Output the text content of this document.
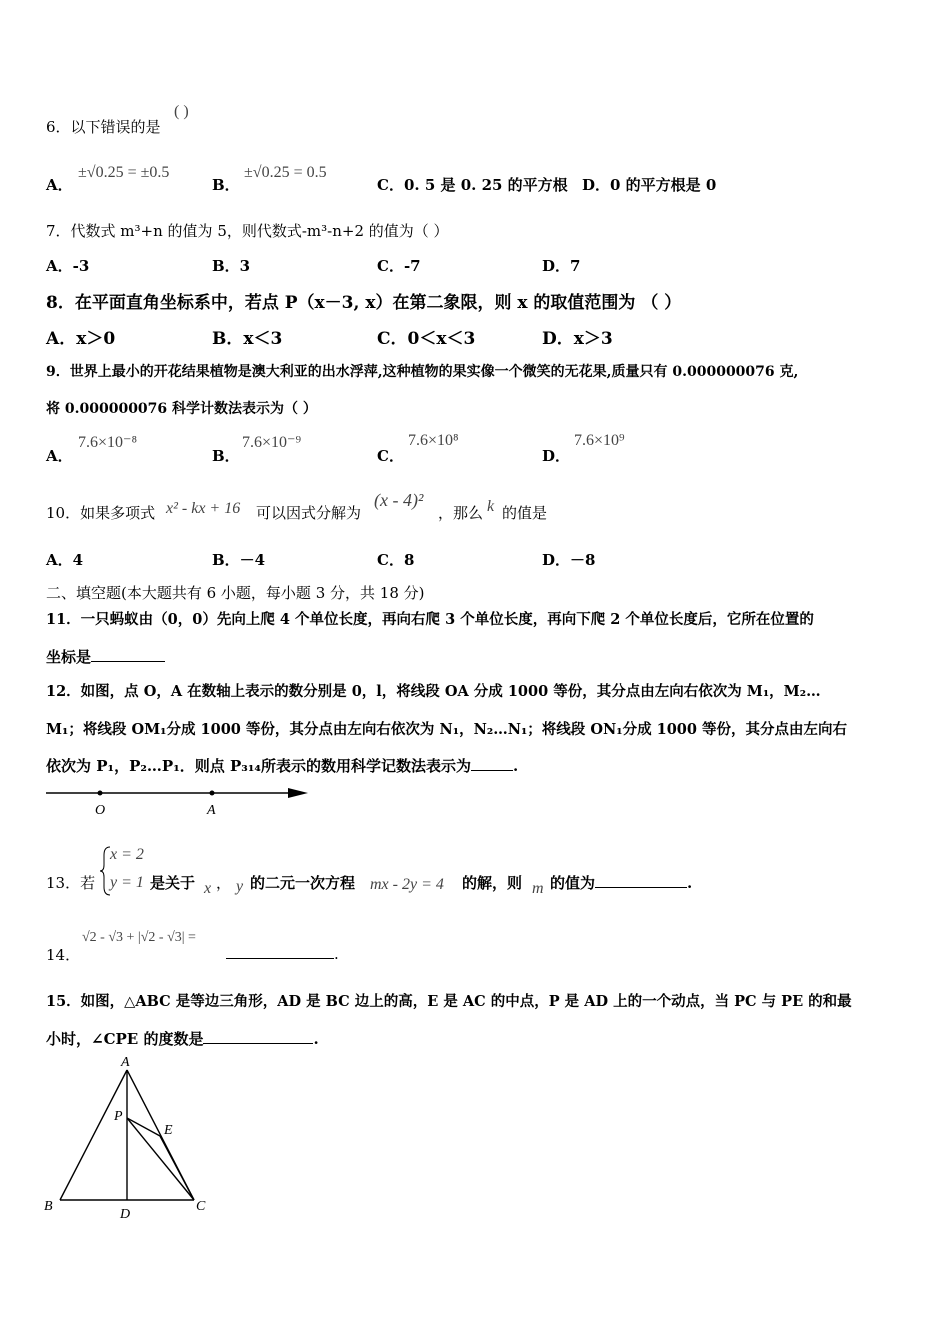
6．以下错误的是
( )
A．
±√0.25 = ±0.5
B．
±√0.25 = 0.5
C．0. 5 是 0. 25 的平方根 D．0 的平方根是 0
7．代数式 m³+n 的值为 5，则代数式-m³-n+2 的值为（ ）
A．-3	B．3	C．-7	D．7
8．在平面直角坐标系中，若点 P（x－3, x）在第二象限，则 x 的取值范围为 （ ）
A．x＞0	B．x＜3	C．0＜x＜3	D．x＞3
9．世界上最小的开花结果植物是澳大利亚的出水浮萍,这种植物的果实像一个微笑的无花果,质量只有 0.000000076 克,
将 0.000000076 科学计数法表示为（ ）
A．
7.6×10⁻⁸
B．
7.6×10⁻⁹
C．
7.6×10⁸
D．
7.6×10⁹
10．如果多项式 x² - kx + 16 可以因式分解为
(x - 4)²
，那么 k 的值是
A．4	B．－4	C．8	D．－8
二、填空题(本大题共有 6 小题，每小题 3 分，共 18 分)
11．一只蚂蚁由（0，0）先向上爬 4 个单位长度，再向右爬 3 个单位长度，再向下爬 2 个单位长度后，它所在位置的
坐标是
12．如图，点 O，A 在数轴上表示的数分别是 0，l，将线段 OA 分成 1000 等份，其分点由左向右依次为 M₁，M₂…
M₁；将线段 OM₁分成 1000 等份，其分点由左向右依次为 N₁，N₂…N₁；将线段 ON₁分成 1000 等份，其分点由左向右
依次为 P₁，P₂…P₁．则点 P₃₁₄所表示的数用科学记数法表示为	.
O	A
13．若
x = 2
y = 1 是关于 x ， y 的二元一次方程 mx - 2y = 4 的解，则 m 的值为	.
14．
√2 - √3 + |√2 - √3| =
.
15．如图，△ABC 是等边三角形，AD 是 BC 边上的高，E 是 AC 的中点，P 是 AD 上的一个动点，当 PC 与 PE 的和最
小时，∠CPE 的度数是	.
A
B	C
D
E
P
